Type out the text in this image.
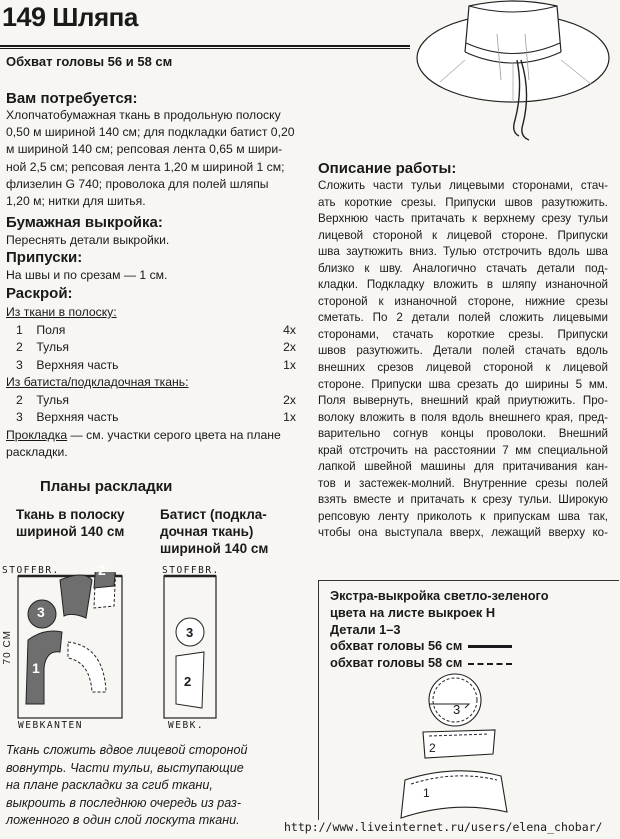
149 Шляпа
Обхват головы 56 и 58 см
Вам потребуется:
Хлопчатобумажная ткань в продольную полоску
0,50 м шириной 140 см; для подкладки батист 0,20
м шириной 140 см; репсовая лента 0,65 м шири-
ной 2,5 см; репсовая лента 1,20 м шириной 1 см;
флизелин G 740; проволока для полей шляпы
1,20 м; нитки для шитья.
Бумажная выкройка:
Переснять детали выкройки.
Припуски:
На швы и по срезам — 1 см.
Раскрой:
Из ткани в полоску:
1 Поля	4x
2 Тулья	2x
3 Верхняя часть	1x
Из батиста/подкладочная ткань:
2 Тулья	2x
3 Верхняя часть	1x
Прокладка — см. участки серого цвета на плане
раскладки.
Планы раскладки
Ткань в полоску
шириной 140 см
Батист (подкла-
дочная ткань)
шириной 140 см
STOFFBR.
70 CM
WEBKANTEN
3
2
1
STOFFBR.
WEBK.
3
2
Ткань сложить вдвое лицевой стороной
вовнутрь. Части тульи, выступающие
на плане раскладки за сгиб ткани,
выкроить в последнюю очередь из раз-
ложенного в один слой лоскута ткани.
Описание работы:

Сложить части тульи лицевыми сторонами, стач-

ать короткие срезы. Припуски швов разутюжить.

Верхнюю часть притачать к верхнему срезу тульи

лицевой стороной к лицевой стороне. Припуски

шва заутюжить вниз. Тулью отстрочить вдоль шва

близко к шву. Аналогично стачать детали под-

кладки. Подкладку вложить в шляпу изнаночной

стороной к изнаночной стороне, нижние срезы

сметать. По 2 детали полей сложить лицевыми

сторонами, стачать короткие срезы. Припуски

швов разутюжить. Детали полей стачать вдоль

внешних срезов лицевой стороной к лицевой

стороне. Припуски шва срезать до ширины 5 мм.

Поля вывернуть, внешний край приутюжить. Про-

волоку вложить в поля вдоль внешнего края, пред-

варительно согнув концы проволоки. Внешний

край отстрочить на расстоянии 7 мм специальной

лапкой швейной машины для притачивания кан-

тов и застежек-молний. Внутренние срезы полей

взять вместе и притачать к срезу тульи. Широкую

репсовую ленту приколоть к припускам шва так,

чтобы она выступала вверх, лежащий вверху ко-

Экстра-выкройка светло-зеленого
цвета на листе выкроек Н
Детали 1–3
обхват головы 56 см
обхват головы 58 см
3
2
1
http://www.liveinternet.ru/users/elena_chobar/
